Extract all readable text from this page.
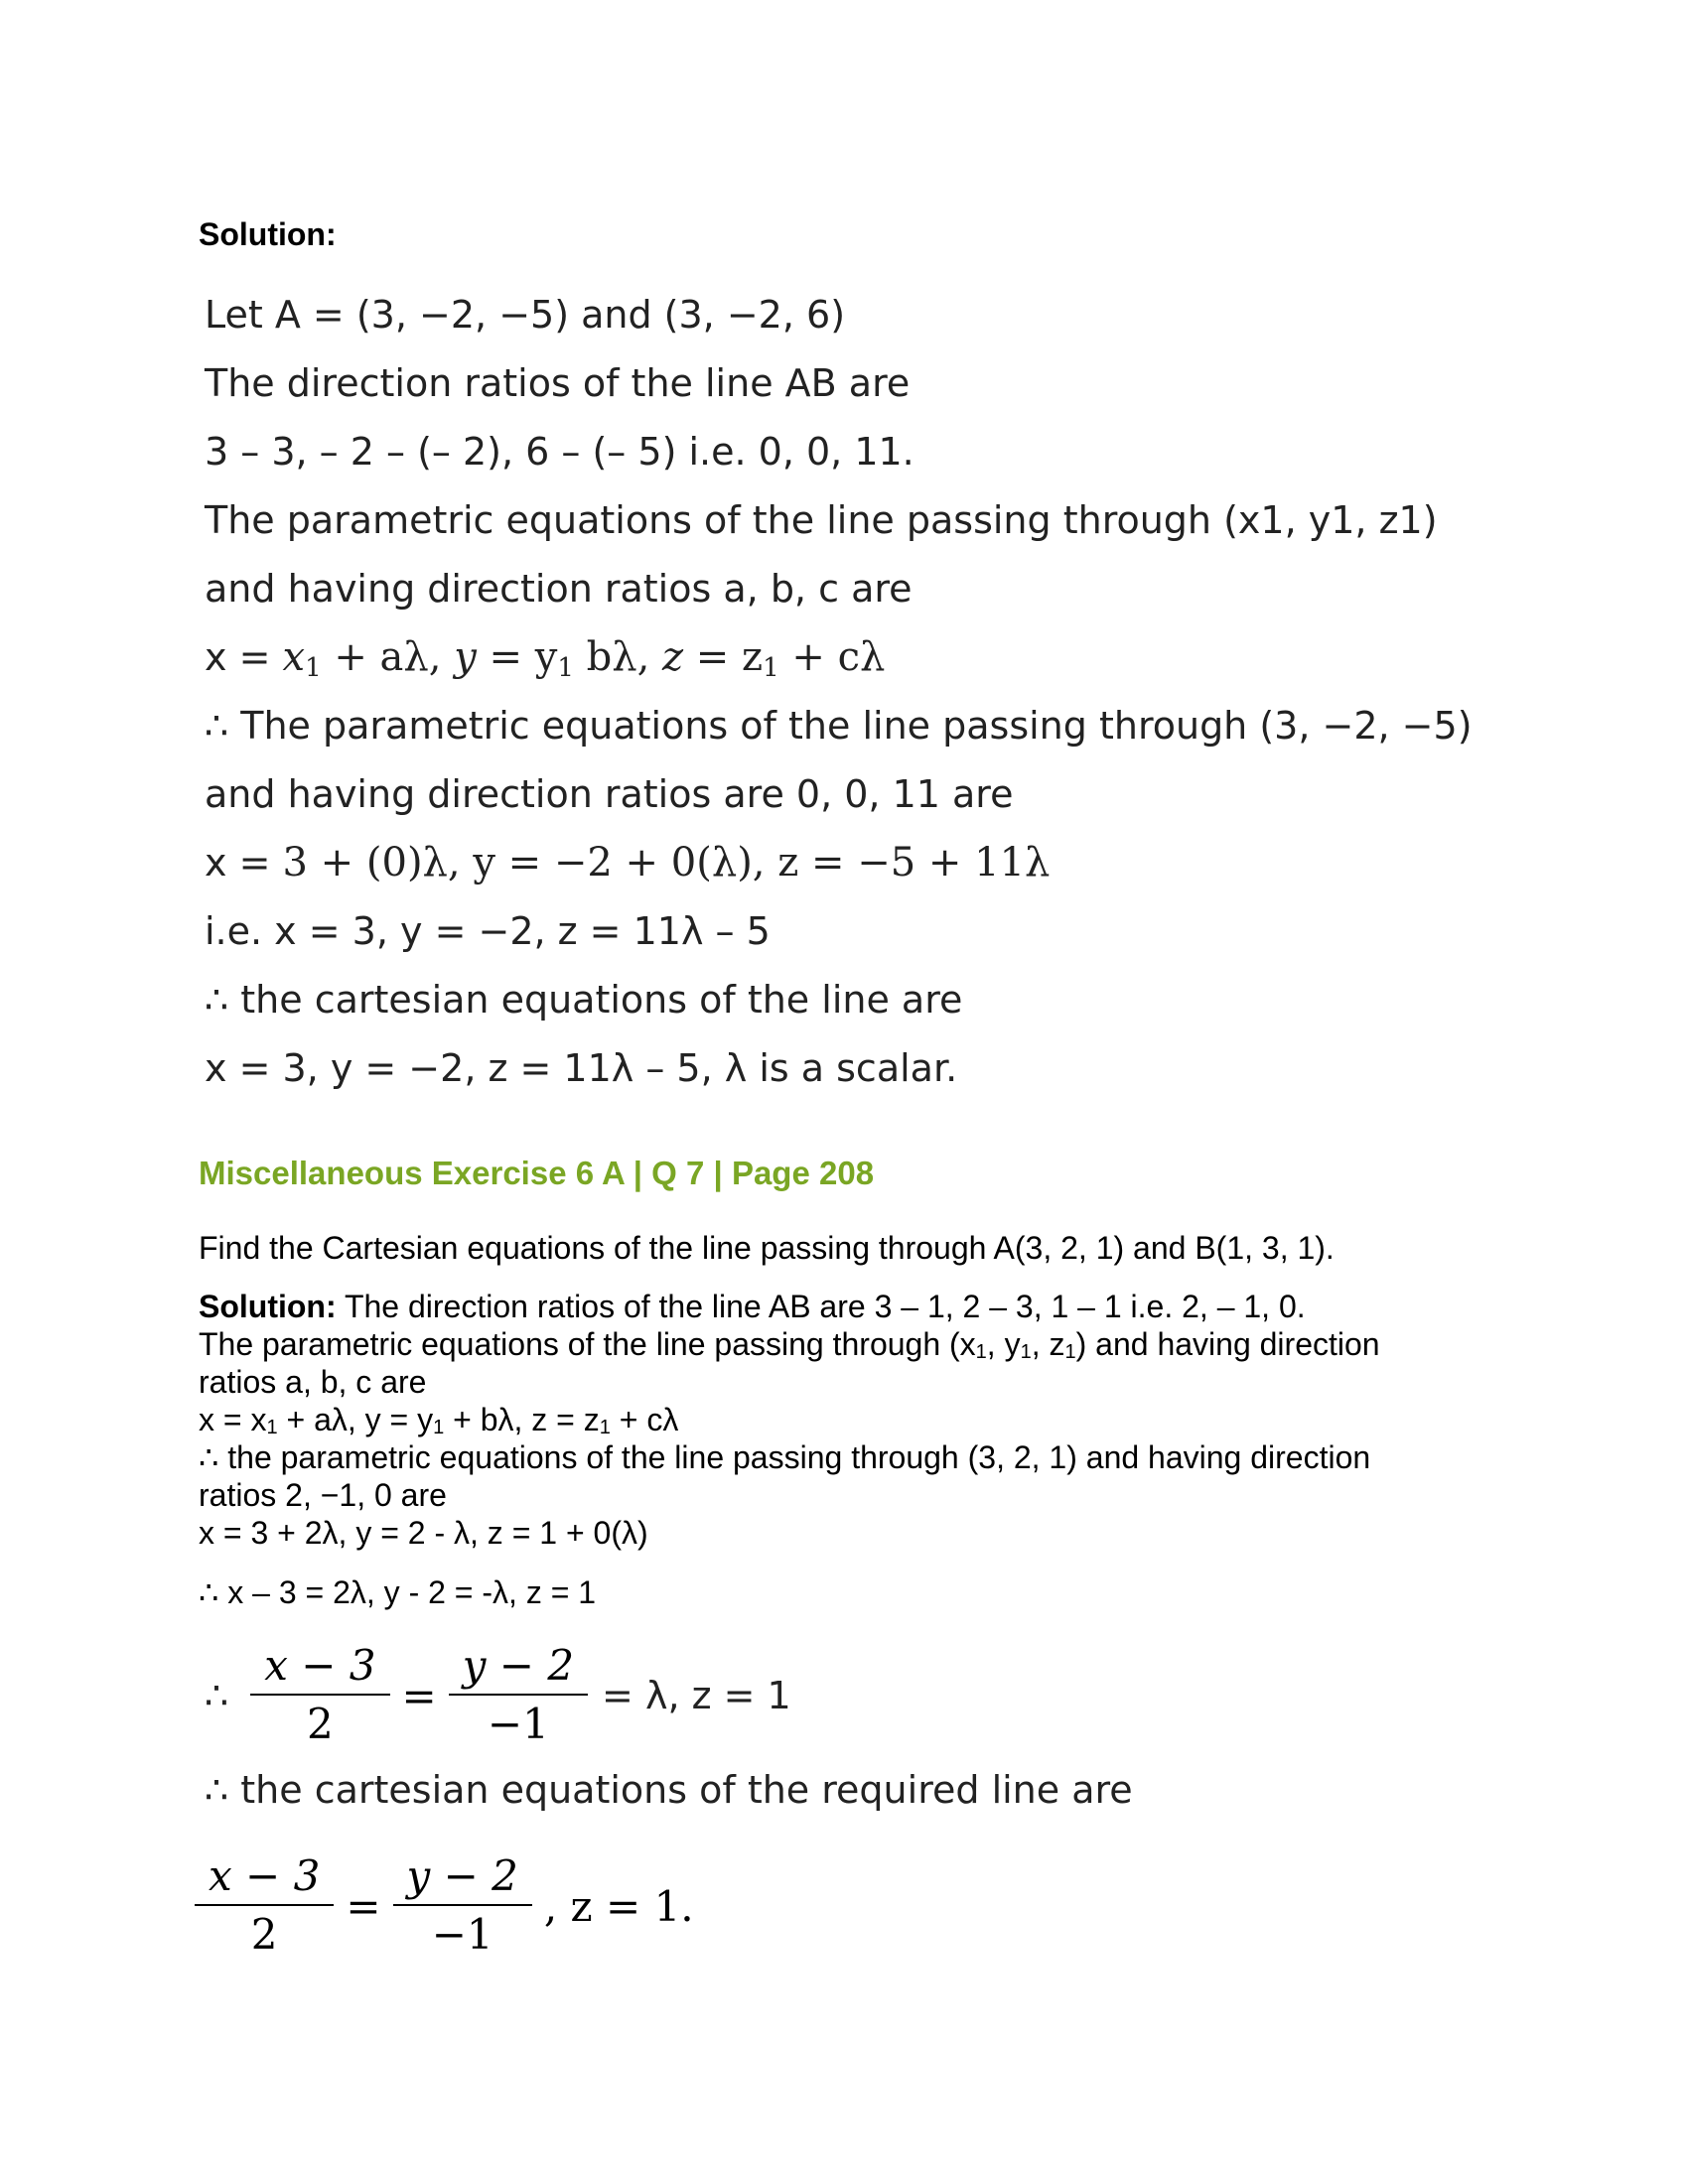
Solution:
Let A = (3, −2, −5) and (3, −2, 6)
The direction ratios of the line AB are
3 – 3, – 2 – (– 2), 6 – (– 5) i.e. 0, 0, 11.
The parametric equations of the line passing through (x1, y1, z1)
and having direction ratios a, b, c are
$x = x_1 + a\lambda$, $y = y_1$ bλ, $z = z_1 + c\lambda$
∴ The parametric equations of the line passing through (3, −2, −5)
and having direction ratios are 0, 0, 11 are
x = 3 + (0)λ, y = −2 + 0(λ), z = −5 + 11λ
i.e. x = 3, y = −2, z = 11λ – 5
∴ the cartesian equations of the line are
x = 3, y = −2, z = 11λ – 5, λ is a scalar.
Miscellaneous Exercise 6 A | Q 7 | Page 208
Find the Cartesian equations of the line passing through A(3, 2, 1) and B(1, 3, 1).
Solution: The direction ratios of the line AB are 3 – 1, 2 – 3, 1 – 1 i.e. 2, – 1, 0.
The parametric equations of the line passing through ($x_1$, $y_1$, $z_1$) and having direction
ratios a, b, c are
$x = x_1 + a\lambda$, $y = y_1 + b\lambda$, $z = z_1 + c\lambda$
∴ the parametric equations of the line passing through (3, 2, 1) and having direction
ratios 2, −1, 0 are
x = 3 + 2λ, y = 2 - λ, z = 1 + 0(λ)
∴ x – 3 = 2λ, y - 2 = -λ, z = 1
∴ $\frac{x - 3}{2} = \frac{y - 2}{-1} = \lambda$, z = 1
∴ the cartesian equations of the required line are
$\frac{x - 3}{2} = \frac{y - 2}{-1}$ , z = 1.
